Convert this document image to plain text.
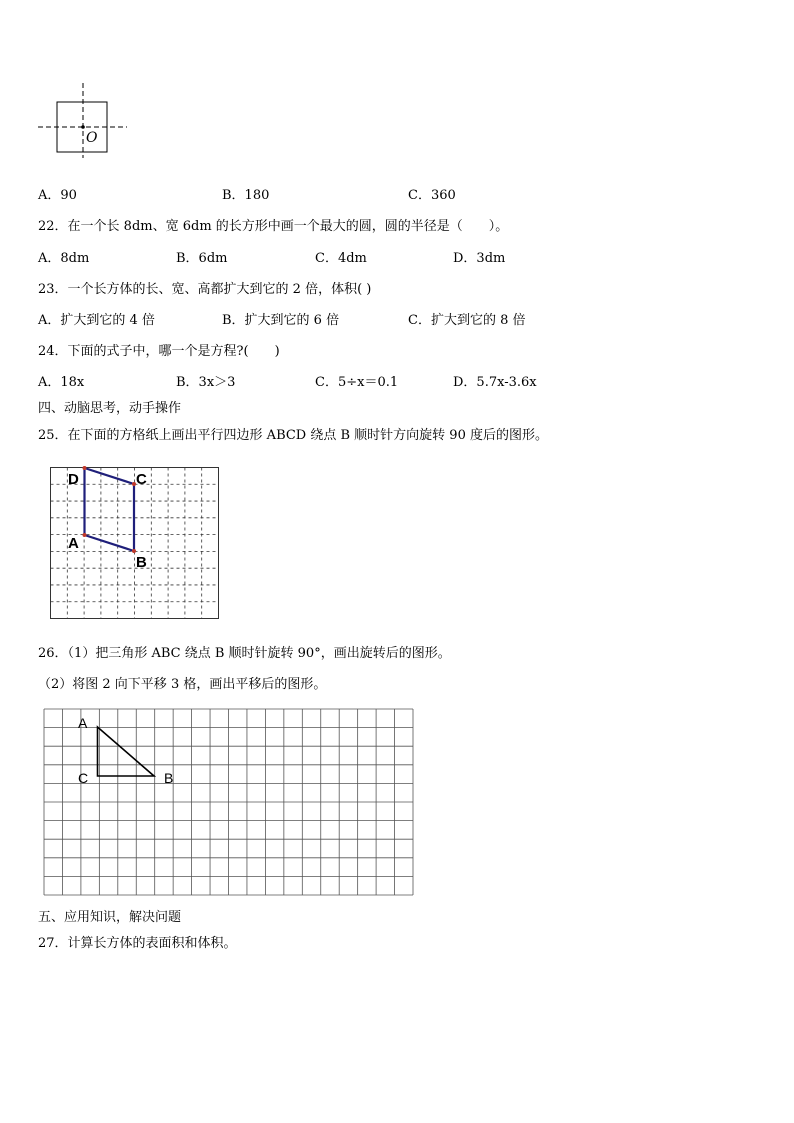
O
A．90	B．180	C．360
22．在一个长 8dm、宽 6dm 的长方形中画一个最大的圆，圆的半径是（　　）。
A．8dm	B．6dm	C．4dm	D．3dm
23．一个长方体的长、宽、高都扩大到它的 2 倍，体积( )
A．扩大到它的 4 倍	B．扩大到它的 6 倍	C．扩大到它的 8 倍
24．下面的式子中，哪一个是方程?(　　)
A．18x	B．3x＞3	C．5÷x＝0.1	D．5.7x-3.6x
四、动脑思考，动手操作
25．在下面的方格纸上画出平行四边形 ABCD 绕点 B 顺时针方向旋转 90 度后的图形。
D	C
A
B
26．（1）把三角形 ABC 绕点 B 顺时针旋转 90°，画出旋转后的图形。
（2）将图 2 向下平移 3 格，画出平移后的图形。
A
C	B
五、应用知识，解决问题
27．计算长方体的表面积和体积。
